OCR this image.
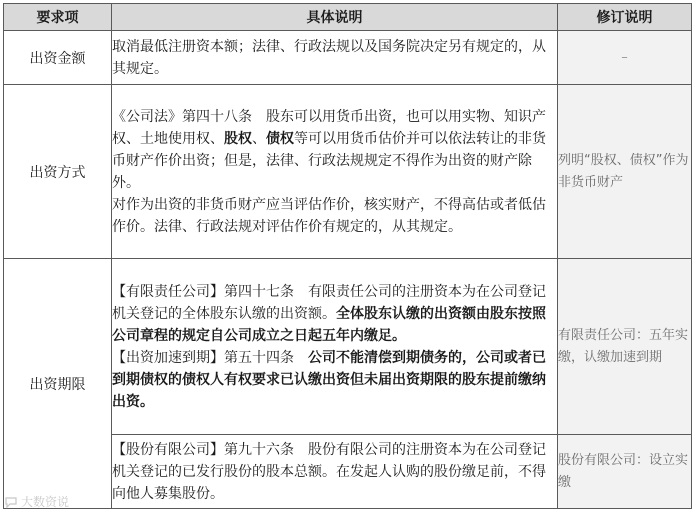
要求项	具体说明	修订说明
出资金额	取消最低注册资本额；法律、行政法规以及国务院决定另有规定的，从其规定。	–
出资方式	《公司法》第四十八条　股东可以用货币出资，也可以用实物、知识产权、土地使用权、股权、债权等可以用货币估价并可以依法转让的非货币财产作价出资；但是，法律、行政法规规定不得作为出资的财产除外。
对作为出资的非货币财产应当评估作价，核实财产，不得高估或者低估作价。法律、行政法规对评估作价有规定的，从其规定。	列明“股权、债权”作为非货币财产
出资期限	【有限责任公司】第四十七条　有限责任公司的注册资本为在公司登记机关登记的全体股东认缴的出资额。全体股东认缴的出资额由股东按照公司章程的规定自公司成立之日起五年内缴足。
【出资加速到期】第五十四条　公司不能清偿到期债务的，公司或者已到期债权的债权人有权要求已认缴出资但未届出资期限的股东提前缴纳出资。	有限责任公司：五年实缴，认缴加速到期
	【股份有限公司】第九十六条　股份有限公司的注册资本为在公司登记机关登记的已发行股份的股本总额。在发起人认购的股份缴足前，不得向他人募集股份。	股份有限公司：设立实缴
大数资说
